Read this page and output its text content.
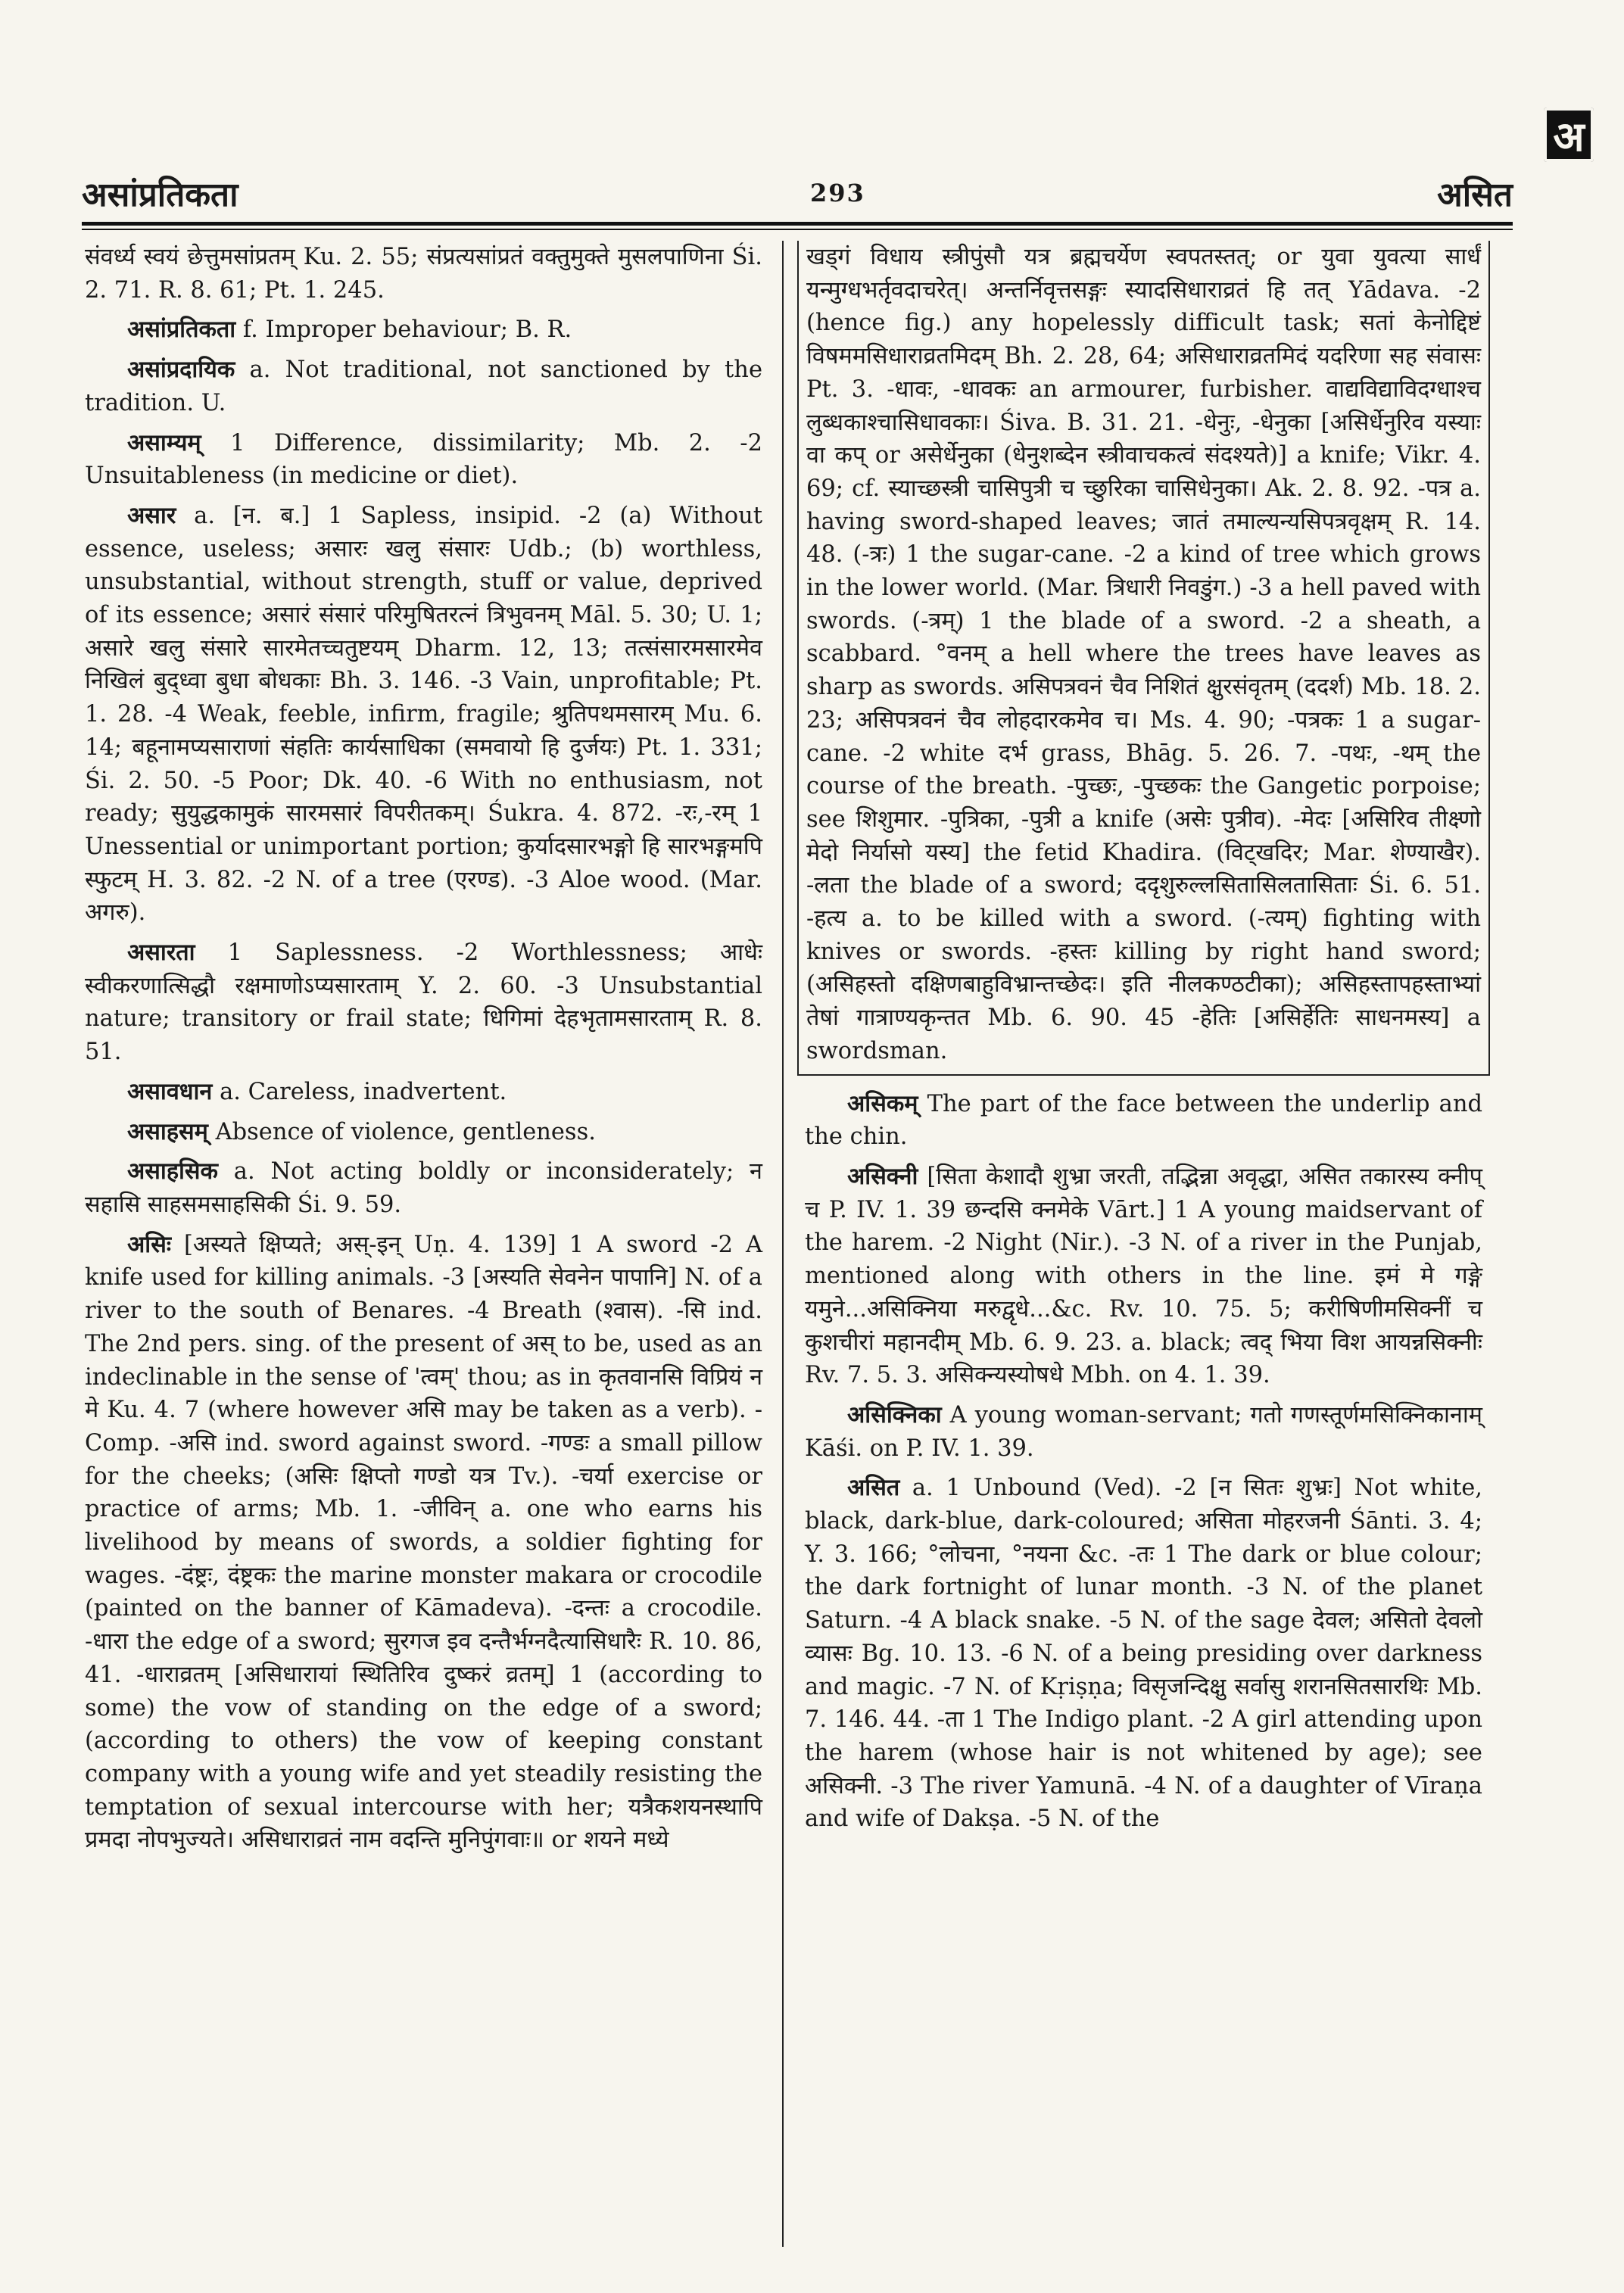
अ
असांप्रतिकता	293	असित

संवर्ध्य स्वयं छेत्तुमसांप्रतम् Ku. 2. 55; संप्रत्यसांप्रतं वक्तुमुक्ते मुसलपाणिना Śi. 2. 71. R. 8. 61; Pt. 1. 245.

असांप्रतिकता f. Improper behaviour; B. R.

असांप्रदायिक a. Not traditional, not sanctioned by the tradition. U.

असाम्यम् 1 Difference, dissimilarity; Mb. 2. -2 Unsuitableness (in medicine or diet).

असार a. [न. ब.] 1 Sapless, insipid. -2 (a) Without essence, useless; असारः खलु संसारः Udb.; (b) worthless, unsubstantial, without strength, stuff or value, deprived of its essence; असारं संसारं परिमुषितरत्नं त्रिभुवनम् Māl. 5. 30; U. 1; असारे खलु संसारे सारमेतच्चतुष्टयम् Dharm. 12, 13; तत्संसारमसारमेव निखिलं बुद्ध्वा बुधा बोधकाः Bh. 3. 146. -3 Vain, unprofitable; Pt. 1. 28. -4 Weak, feeble, infirm, fragile; श्रुतिपथमसारम् Mu. 6. 14; बहूनामप्यसाराणां संहतिः कार्यसाधिका (समवायो हि दुर्जयः) Pt. 1. 331; Śi. 2. 50. -5 Poor; Dk. 40. -6 With no enthusiasm, not ready; सुयुद्धकामुकं सारमसारं विपरीतकम्। Śukra. 4. 872. -रः,-रम् 1 Unessential or unimportant portion; कुर्यादसारभङ्गो हि सारभङ्गमपि स्फुटम् H. 3. 82. -2 N. of a tree (एरण्ड). -3 Aloe wood. (Mar. अगरु).

असारता 1 Saplessness. -2 Worthlessness; आधेः स्वीकरणात्सिद्धौ रक्षमाणोऽप्यसारताम् Y. 2. 60. -3 Unsubstantial nature; transitory or frail state; धिगिमां देहभृतामसारताम् R. 8. 51.

असावधान a. Careless, inadvertent.

असाहसम् Absence of violence, gentleness.

असाहसिक a. Not acting boldly or inconsiderately; न सहासि साहसमसाहसिकी Śi. 9. 59.

असिः [अस्यते क्षिप्यते; अस्-इन् Uṇ. 4. 139] 1 A sword -2 A knife used for killing animals. -3 [अस्यति सेवनेन पापानि] N. of a river to the south of Benares. -4 Breath (श्वास). -सि ind. The 2nd pers. sing. of the present of अस् to be, used as an indeclinable in the sense of 'त्वम्' thou; as in कृतवानसि विप्रियं न मे Ku. 4. 7 (where however असि may be taken as a verb). -Comp. -असि ind. sword against sword. -गण्डः a small pillow for the cheeks; (असिः क्षिप्तो गण्डो यत्र Tv.). -चर्या exercise or practice of arms; Mb. 1. -जीविन् a. one who earns his livelihood by means of swords, a soldier fighting for wages. -दंष्ट्रः, दंष्ट्रकः the marine monster makara or crocodile (painted on the banner of Kāmadeva). -दन्तः a crocodile. -धारा the edge of a sword; सुरगज इव दन्तैर्भग्नदैत्यासिधारैः R. 10. 86, 41. -धाराव्रतम् [असिधारायां स्थितिरिव दुष्करं व्रतम्] 1 (according to some) the vow of standing on the edge of a sword; (according to others) the vow of keeping constant company with a young wife and yet steadily resisting the temptation of sexual intercourse with her; यत्रैकशयनस्थापि प्रमदा नोपभुज्यते। असिधाराव्रतं नाम वदन्ति मुनिपुंगवाः॥ or शयने मध्ये

खड्गं विधाय स्त्रीपुंसौ यत्र ब्रह्मचर्येण स्वपतस्तत्; or युवा युवत्या सार्धं यन्मुग्धभर्तृवदाचरेत्। अन्तर्निवृत्तसङ्गः स्यादसिधाराव्रतं हि तत् Yādava. -2 (hence fig.) any hopelessly difficult task; सतां केनोद्दिष्टं विषममसिधाराव्रतमिदम् Bh. 2. 28, 64; असिधाराव्रतमिदं यदरिणा सह संवासः Pt. 3. -धावः, -धावकः an armourer, furbisher. वाद्यविद्याविदग्धाश्च लुब्धकाश्चासिधावकाः। Śiva. B. 31. 21. -धेनुः, -धेनुका [असिर्धेनुरिव यस्याः वा कप् or असेर्धेनुका (धेनुशब्देन स्त्रीवाचकत्वं संदश्यते)] a knife; Vikr. 4. 69; cf. स्याच्छस्त्री चासिपुत्री च च्छुरिका चासिधेनुका। Ak. 2. 8. 92. -पत्र a. having sword-shaped leaves; जातं तमाल्यन्यसिपत्रवृक्षम् R. 14. 48. (-त्रः) 1 the sugar-cane. -2 a kind of tree which grows in the lower world. (Mar. त्रिधारी निवडुंग.) -3 a hell paved with swords. (-त्रम्) 1 the blade of a sword. -2 a sheath, a scabbard. °वनम् a hell where the trees have leaves as sharp as swords. असिपत्रवनं चैव निशितं क्षुरसंवृतम् (ददर्श) Mb. 18. 2. 23; असिपत्रवनं चैव लोहदारकमेव च। Ms. 4. 90; -पत्रकः 1 a sugar-cane. -2 white दर्भ grass, Bhāg. 5. 26. 7. -पथः, -थम् the course of the breath. -पुच्छः, -पुच्छकः the Gangetic porpoise; see शिशुमार. -पुत्रिका, -पुत्री a knife (असेः पुत्रीव). -मेदः [असिरिव तीक्ष्णो मेदो निर्यासो यस्य] the fetid Khadira. (विट्खदिर; Mar. शेण्याखैर). -लता the blade of a sword; ददृशुरुल्लसितासिलतासिताः Śi. 6. 51. -हत्य a. to be killed with a sword. (-त्यम्) fighting with knives or swords. -हस्तः killing by right hand sword; (असिहस्तो दक्षिणबाहुविभ्रान्तच्छेदः। इति नीलकण्ठटीका); असिहस्तापहस्ताभ्यां तेषां गात्राण्यकृन्तत Mb. 6. 90. 45 -हेतिः [असिर्हेतिः साधनमस्य] a swordsman.

असिकम् The part of the face between the underlip and the chin.

असिक्नी [सिता केशादौ शुभ्रा जरती, तद्भिन्ना अवृद्धा, असित तकारस्य क्नीप् च P. IV. 1. 39 छन्दसि क्नमेके Vārt.] 1 A young maidservant of the harem. -2 Night (Nir.). -3 N. of a river in the Punjab, mentioned along with others in the line. इमं मे गङ्गे यमुने...असिक्निया मरुद्वृधे...&c. Rv. 10. 75. 5; करीषिणीमसिक्नीं च कुशचीरां महानदीम् Mb. 6. 9. 23. a. black; त्वद् भिया विश आयन्नसिक्नीः Rv. 7. 5. 3. असिक्न्यस्योषधे Mbh. on 4. 1. 39.

असिक्निका A young woman-servant; गतो गणस्तूर्णमसिक्निकानाम् Kāśi. on P. IV. 1. 39.

असित a. 1 Unbound (Ved). -2 [न सितः शुभ्रः] Not white, black, dark-blue, dark-coloured; असिता मोहरजनी Śānti. 3. 4; Y. 3. 166; °लोचना, °नयना &c. -तः 1 The dark or blue colour; the dark fortnight of lunar month. -3 N. of the planet Saturn. -4 A black snake. -5 N. of the sage देवल; असितो देवलो व्यासः Bg. 10. 13. -6 N. of a being presiding over darkness and magic. -7 N. of Kṛiṣṇa; विसृजन्दिक्षु सर्वासु शरानसितसारथिः Mb. 7. 146. 44. -ता 1 The Indigo plant. -2 A girl attending upon the harem (whose hair is not whitened by age); see असिक्नी. -3 The river Yamunā. -4 N. of a daughter of Vīraṇa and wife of Dakṣa. -5 N. of the
